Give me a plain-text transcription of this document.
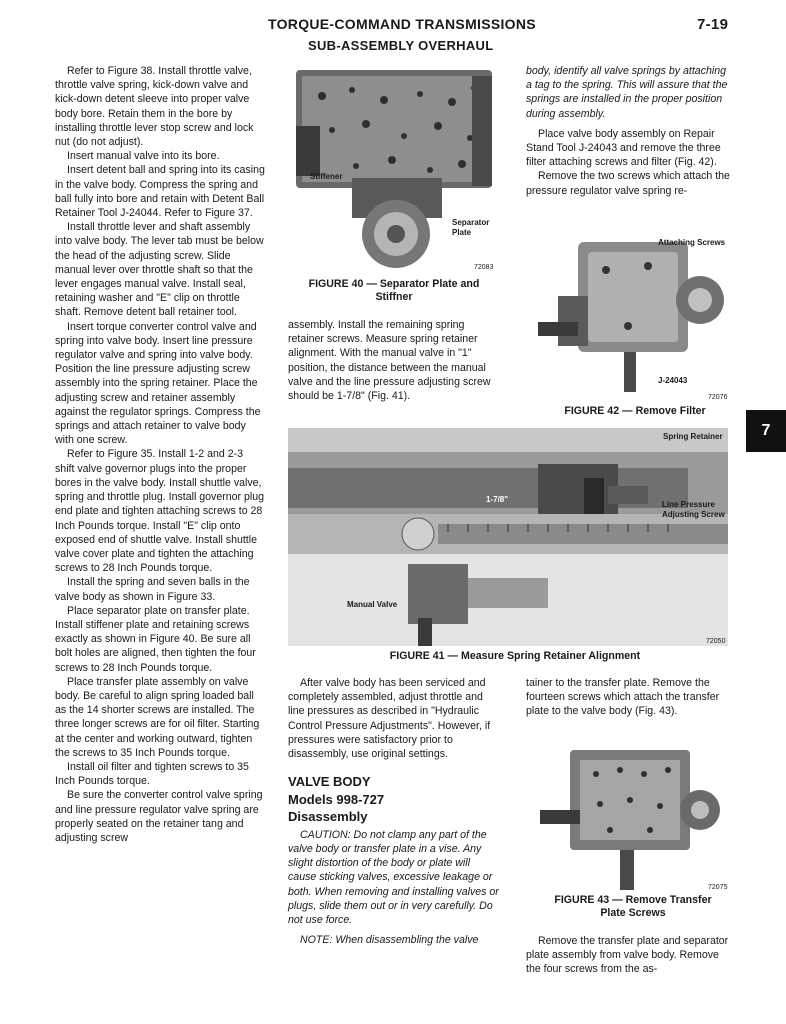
TORQUE-COMMAND TRANSMISSIONS
SUB-ASSEMBLY OVERHAUL
7-19

Refer to Figure 38. Install throttle valve, throttle valve spring, kick-down valve and kick-down detent sleeve into proper valve body bore. Retain them in the bore by installing throttle lever stop screw and lock nut (do not adjust).

Insert manual valve into its bore.

Insert detent ball and spring into its casing in the valve body. Compress the spring and ball fully into bore and retain with Detent Ball Retainer Tool J-24044. Refer to Figure 37.

Install throttle lever and shaft assembly into valve body. The lever tab must be below the head of the adjusting screw. Slide manual lever over throttle shaft so that the lever engages manual valve. Install seal, retaining washer and "E" clip on throttle shaft. Remove detent ball retainer tool.

Insert torque converter control valve and spring into valve body. Insert line pressure regulator valve and spring into valve body. Position the line pressure adjusting screw assembly into the spring retainer. Place the adjusting screw and retainer assembly against the regulator springs. Compress the springs and attach retainer to valve body with one screw.

Refer to Figure 35. Install 1-2 and 2-3 shift valve governor plugs into the proper bores in the valve body. Install shuttle valve, spring and throttle plug. Install governor plug end plate and tighten attaching screws to 28 Inch Pounds torque. Install "E" clip onto exposed end of shuttle valve. Install shuttle valve cover plate and tighten the attaching screws to 28 Inch Pounds torque.

Install the spring and seven balls in the valve body as shown in Figure 33.

Place separator plate on transfer plate. Install stiffener plate and retaining screws exactly as shown in Figure 40. Be sure all bolt holes are aligned, then tighten the four screws to 28 Inch Pounds torque.

Place transfer plate assembly on valve body. Be careful to align spring loaded ball as the 14 shorter screws are installed. The three longer screws are for oil filter. Starting at the center and working outward, tighten the screws to 35 Inch Pounds torque.

Install oil filter and tighten screws to 35 Inch Pounds torque.

Be sure the converter control valve spring and line pressure regulator valve spring are properly seated on the retainer tang and adjusting screw

Stiffener
Separator Plate
72083
FIGURE 40 — Separator Plate and Stiffner

assembly. Install the remaining spring retainer screws. Measure spring retainer alignment. With the manual valve in "1" position, the distance between the manual valve and the line pressure adjusting screw should be 1-7/8" (Fig. 41).

body, identify all valve springs by attaching a tag to the spring. This will assure that the springs are installed in the proper position during assembly.

Place valve body assembly on Repair Stand Tool J-24043 and remove the three filter attaching screws and filter (Fig. 42).

Remove the two screws which attach the pressure regulator valve spring re-

Attaching Screws
J-24043
72076
FIGURE 42 — Remove Filter
7
Spring Retainer
Line Pressure Adjusting Screw
1-7/8"
Manual Valve
72050
FIGURE 41 — Measure Spring Retainer Alignment

After valve body has been serviced and completely assembled, adjust throttle and line pressures as described in "Hydraulic Control Pressure Adjustments". However, if pressures were satisfactory prior to disassembly, use original settings.

VALVE BODY
Models 998-727
Disassembly

CAUTION: Do not clamp any part of the valve body or transfer plate in a vise. Any slight distortion of the body or plate will cause sticking valves, excessive leakage or both. When removing and installing valves or plugs, slide them out or in very carefully. Do not use force.

NOTE: When disassembling the valve

tainer to the transfer plate. Remove the fourteen screws which attach the transfer plate to the valve body (Fig. 43).

72075
FIGURE 43 — Remove Transfer Plate Screws

Remove the transfer plate and separator plate assembly from valve body. Remove the four screws from the as-
